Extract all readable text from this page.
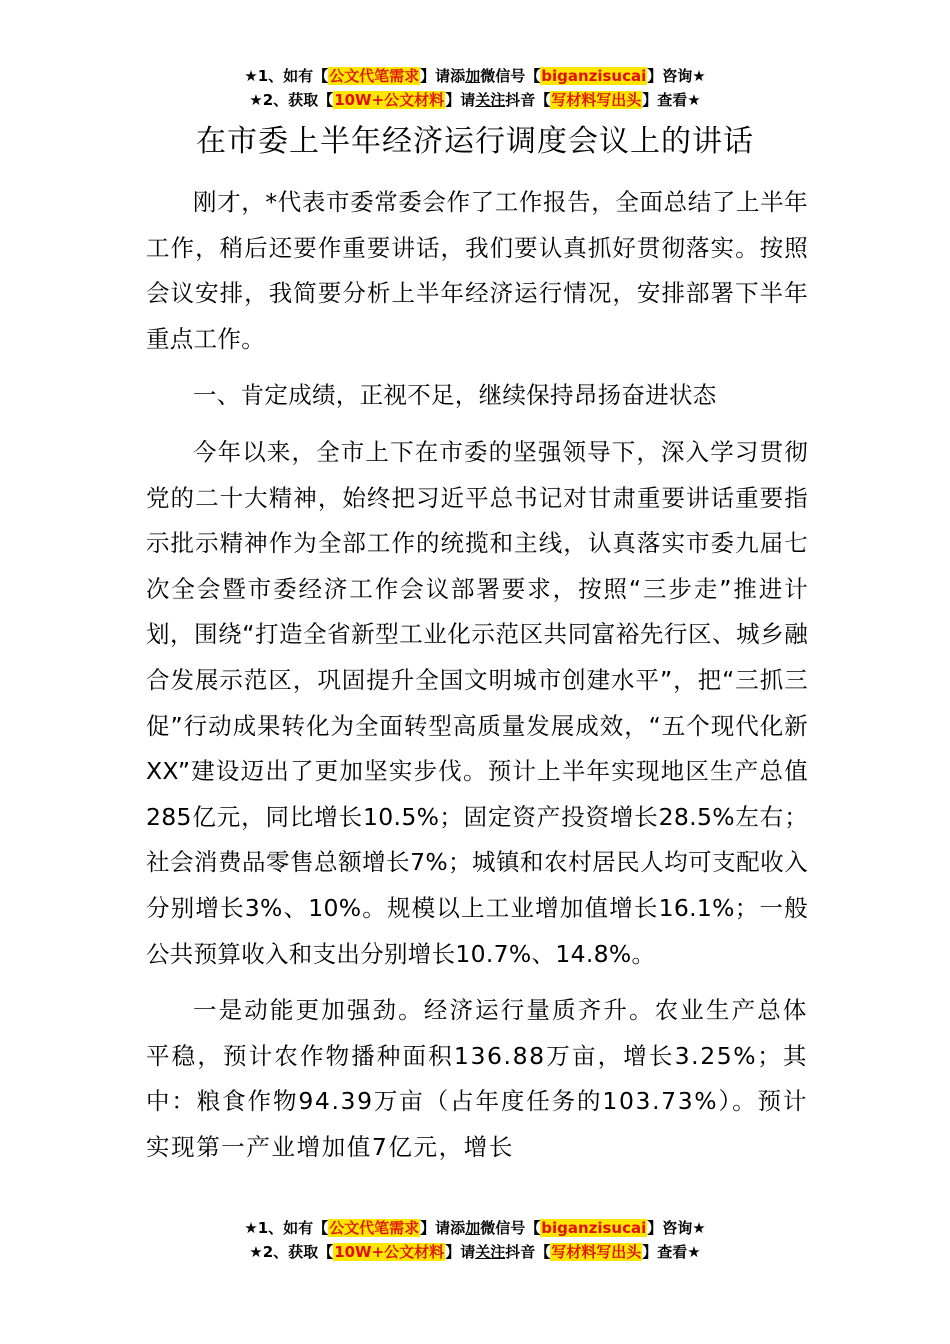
★1、如有【公文代笔需求】请添加微信号【biganzisucai】咨询★
★2、获取【10W+公文材料】请关注抖音【写材料写出头】查看★
在市委上半年经济运行调度会议上的讲话

刚才，*代表市委常委会作了工作报告，全面总结了上半年工作，稍后还要作重要讲话，我们要认真抓好贯彻落实。按照会议安排，我简要分析上半年经济运行情况，安排部署下半年重点工作。

一、肯定成绩，正视不足，继续保持昂扬奋进状态

今年以来，全市上下在市委的坚强领导下，深入学习贯彻党的二十大精神，始终把习近平总书记对甘肃重要讲话重要指示批示精神作为全部工作的统揽和主线，认真落实市委九届七次全会暨市委经济工作会议部署要求，按照“三步走”推进计划，围绕“打造全省新型工业化示范区共同富裕先行区、城乡融合发展示范区，巩固提升全国文明城市创建水平”，把“三抓三促”行动成果转化为全面转型高质量发展成效，“五个现代化新XX”建设迈出了更加坚实步伐。预计上半年实现地区生产总值285亿元，同比增长10.5%；固定资产投资增长28.5%左右；社会消费品零售总额增长7%；城镇和农村居民人均可支配收入分别增长3%、10%。规模以上工业增加值增长16.1%；一般公共预算收入和支出分别增长10.7%、14.8%。

一是动能更加强劲。经济运行量质齐升。农业生产总体平稳，预计农作物播种面积136.88万亩，增长3.25%；其中：粮食作物94.39万亩（占年度任务的103.73%）。预计实现第一产业增加值7亿元，增长

★1、如有【公文代笔需求】请添加微信号【biganzisucai】咨询★
★2、获取【10W+公文材料】请关注抖音【写材料写出头】查看★
